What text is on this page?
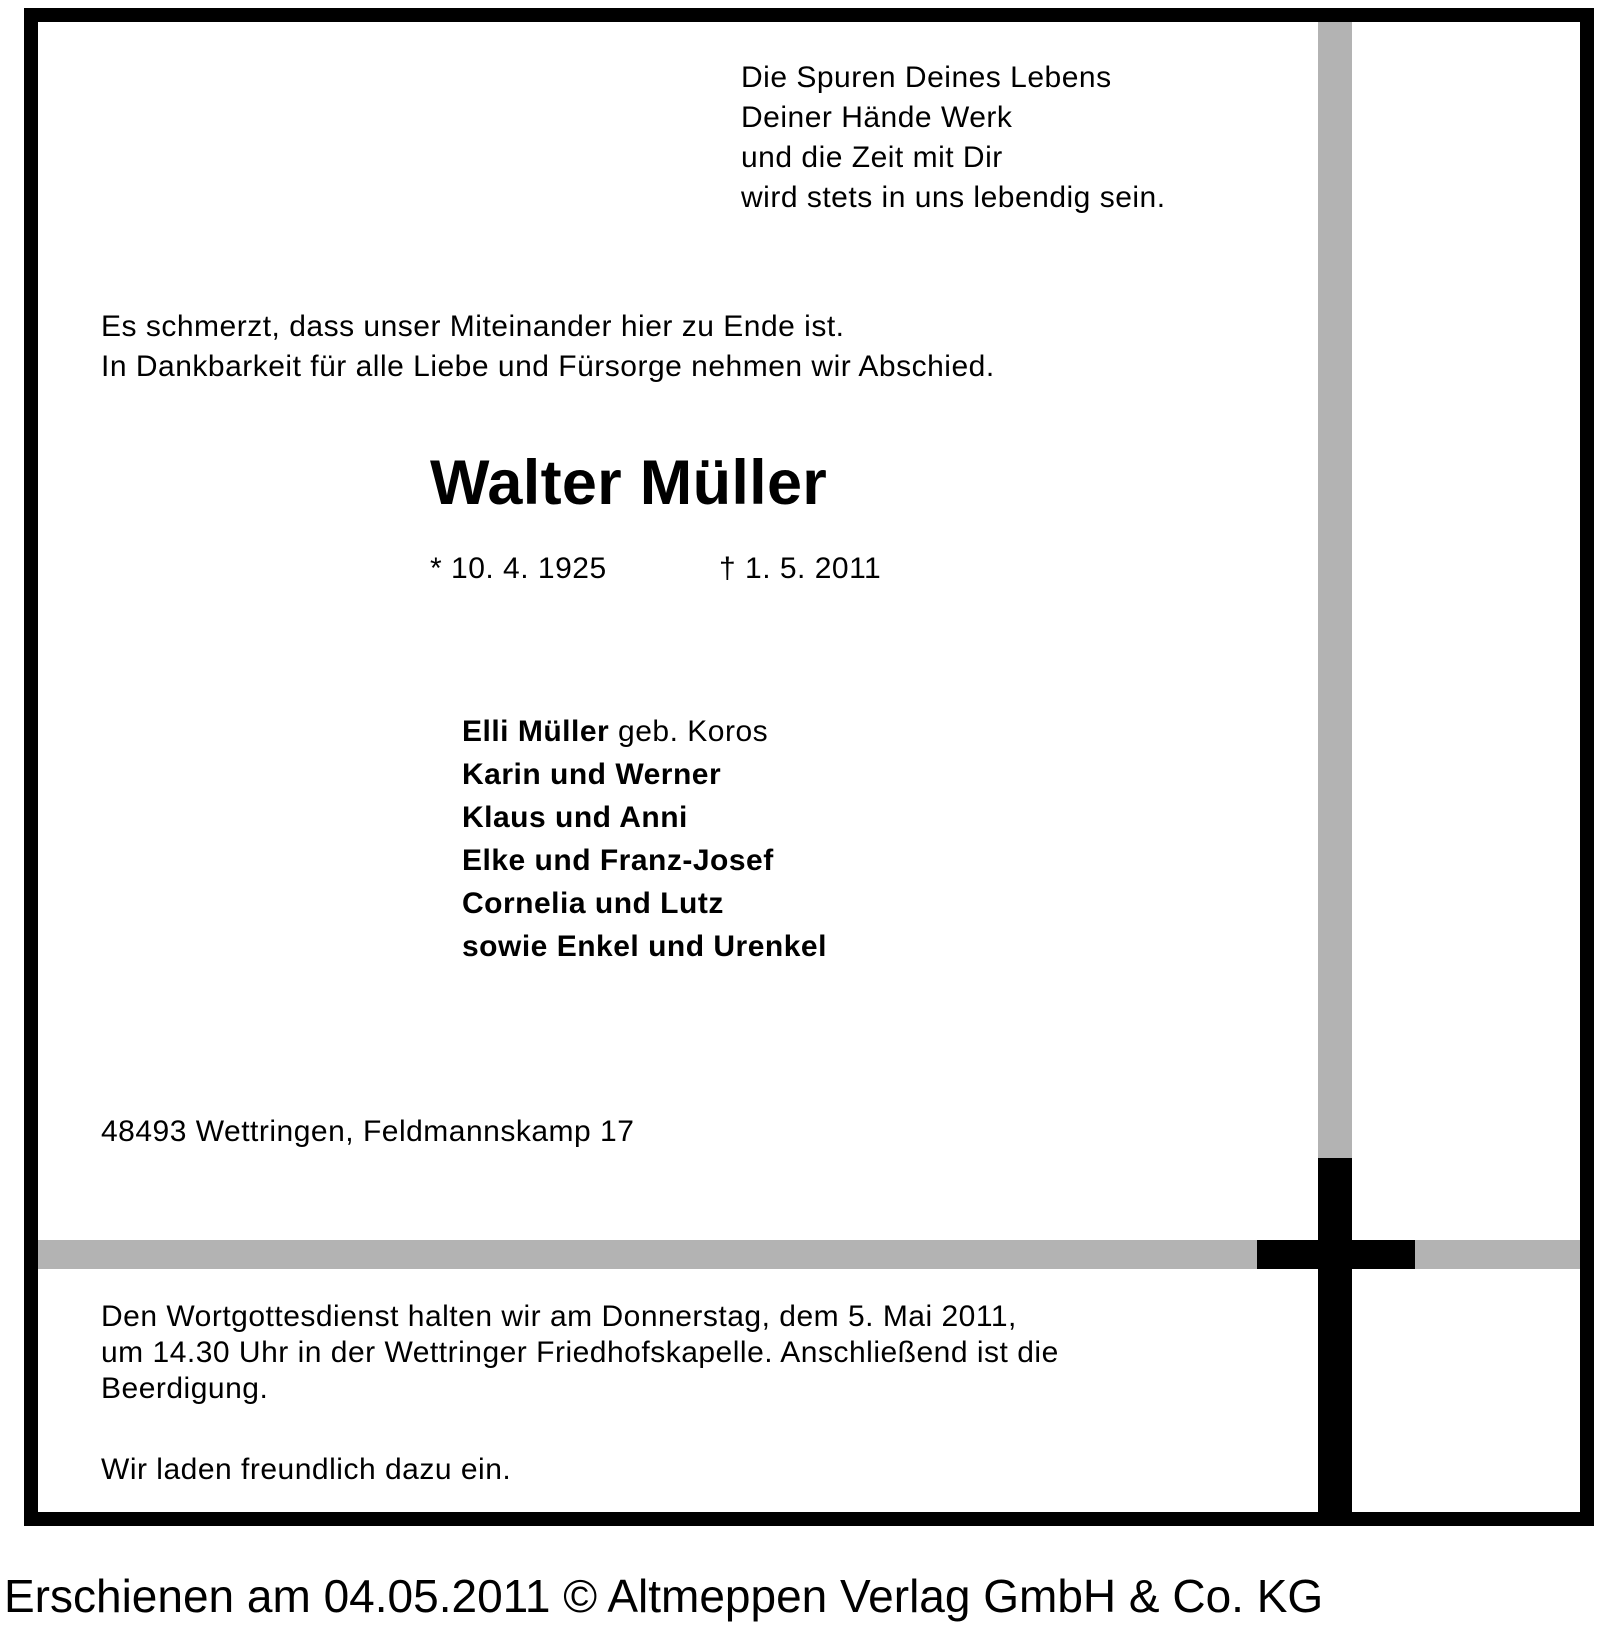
Die Spuren Deines Lebens
Deiner Hände Werk
und die Zeit mit Dir
wird stets in uns lebendig sein.
Es schmerzt, dass unser Miteinander hier zu Ende ist.
In Dankbarkeit für alle Liebe und Fürsorge nehmen wir Abschied.
Walter Müller
* 10. 4. 1925	† 1. 5. 2011
Elli Müller geb. Koros
Karin und Werner
Klaus und Anni
Elke und Franz-Josef
Cornelia und Lutz
sowie Enkel und Urenkel
48493 Wettringen, Feldmannskamp 17
Den Wortgottesdienst halten wir am Donnerstag, dem 5. Mai 2011,
um 14.30 Uhr in der Wettringer Friedhofskapelle. Anschließend ist die
Beerdigung.
Wir laden freundlich dazu ein.
Erschienen am 04.05.2011 © Altmeppen Verlag GmbH & Co. KG
